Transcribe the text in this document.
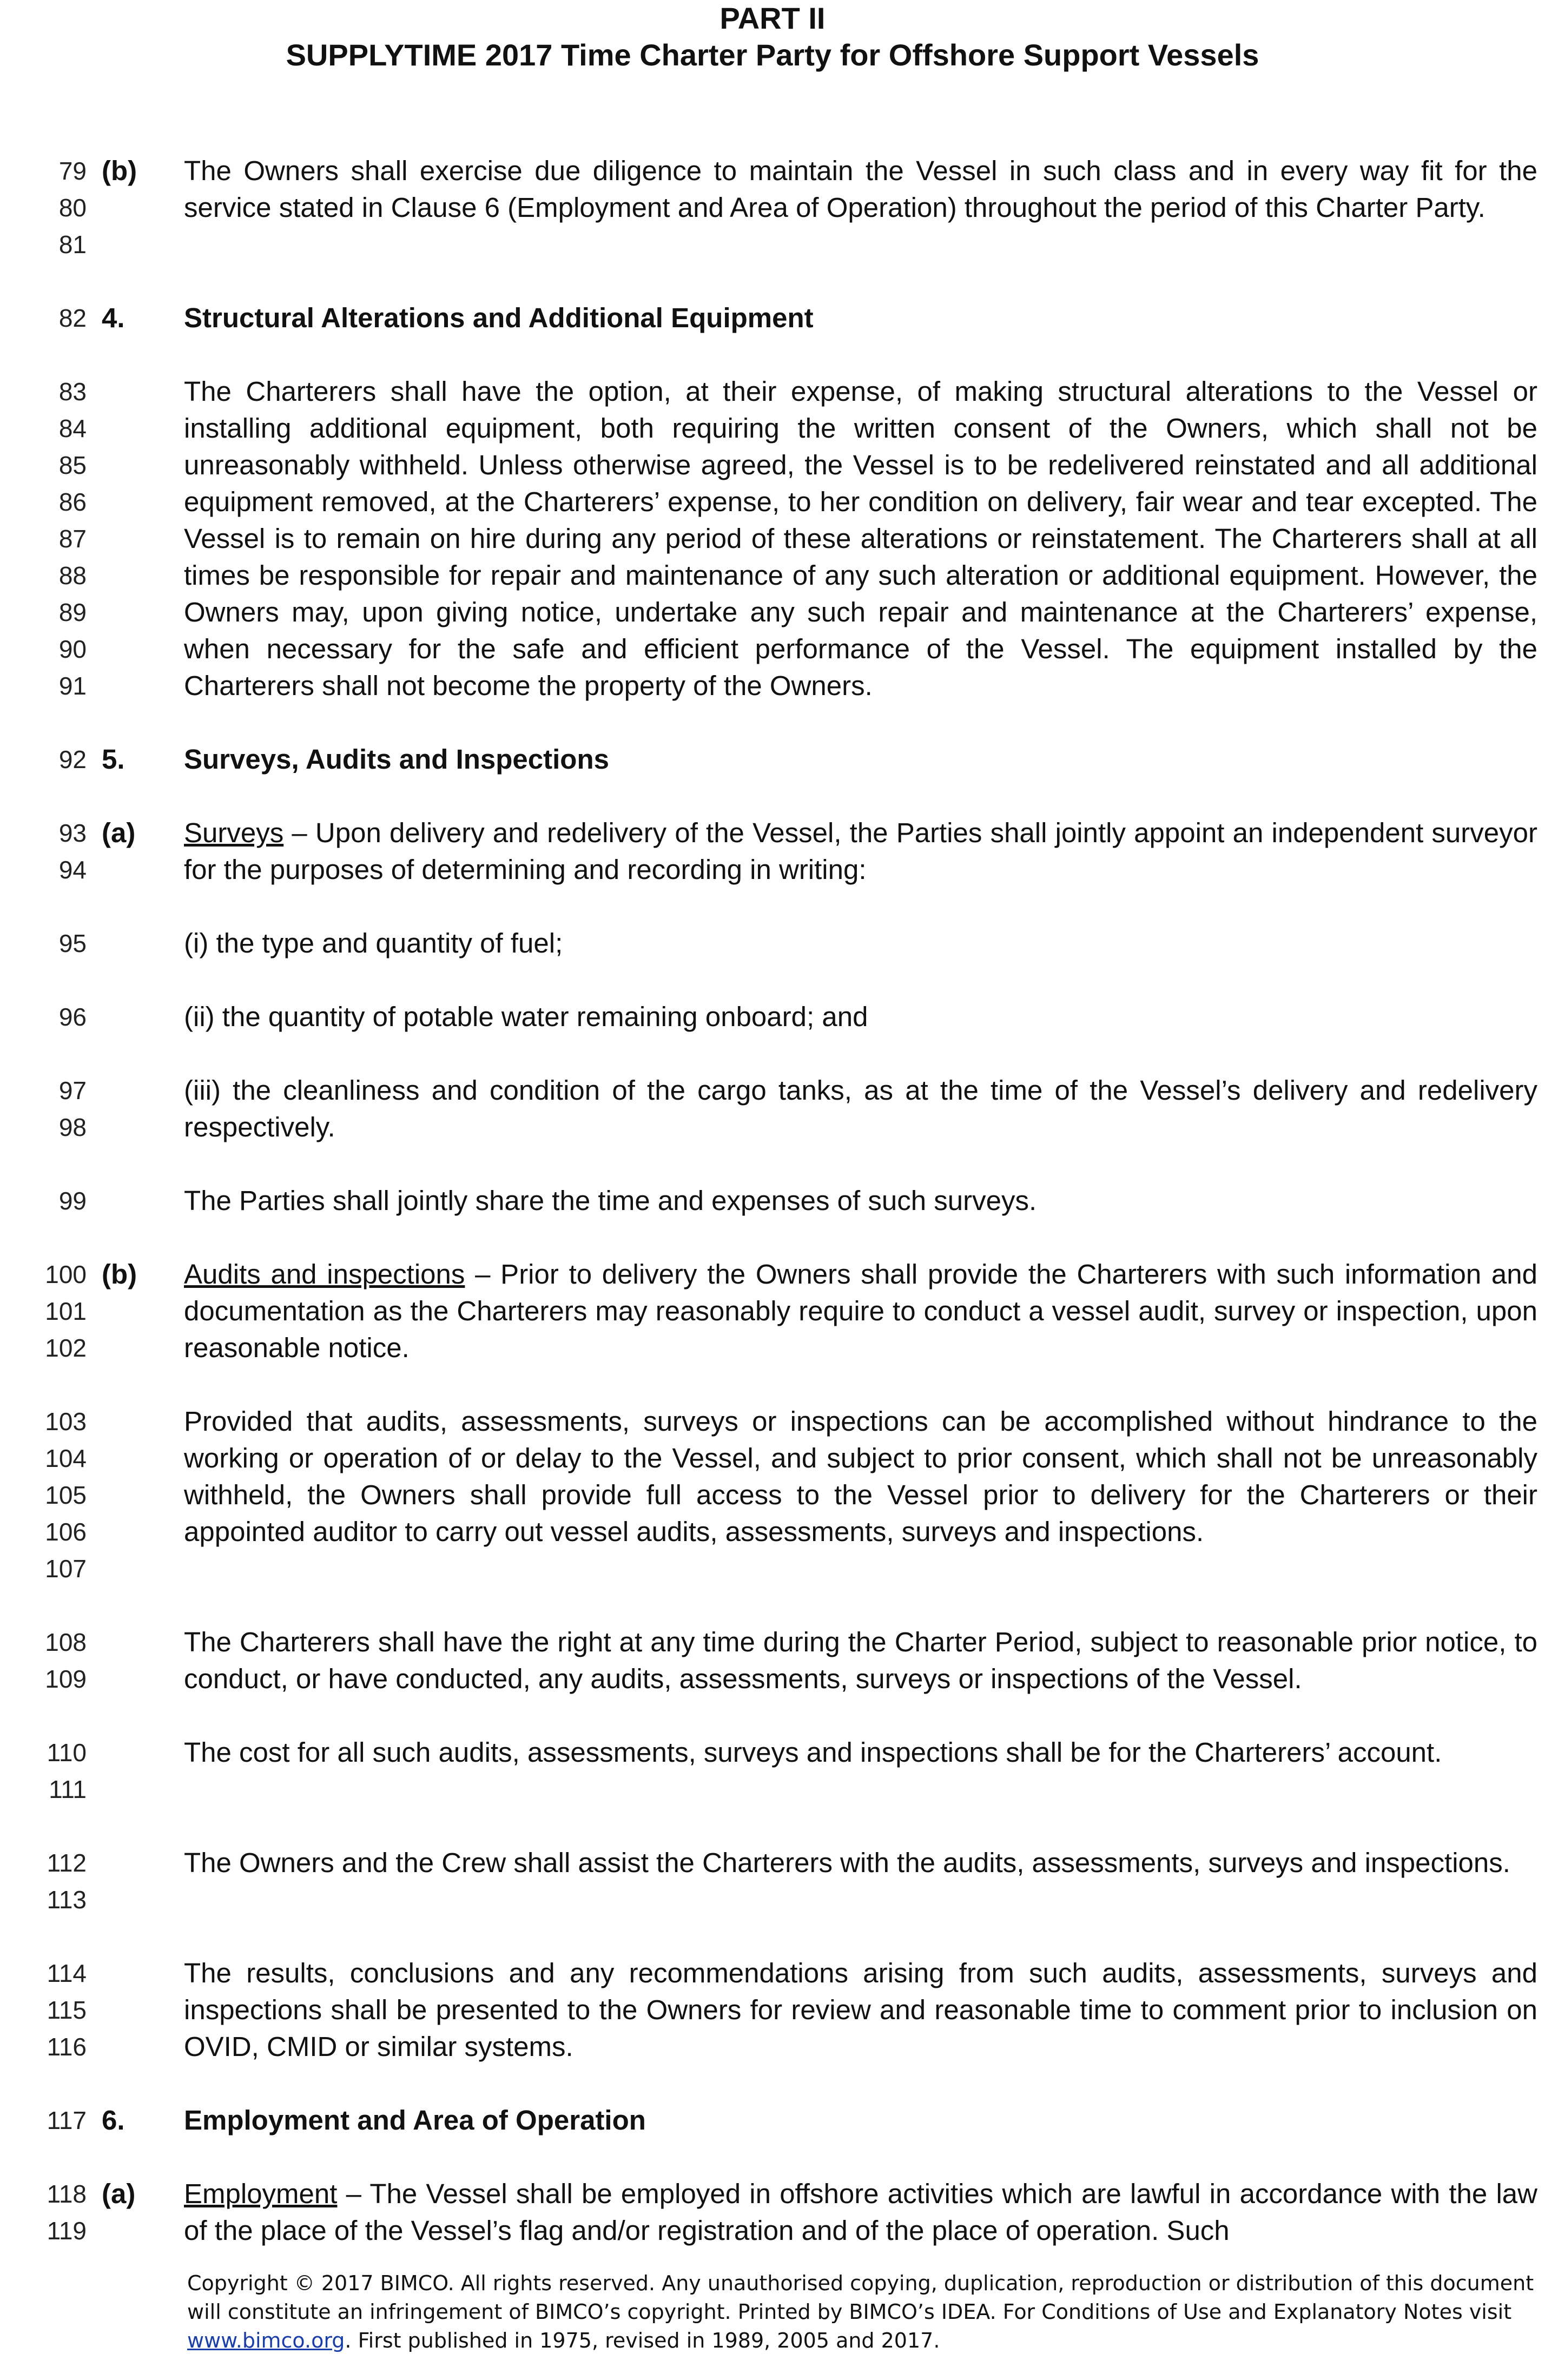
PART II
SUPPLYTIME 2017 Time Charter Party for Offshore Support Vessels
79
80
81
(b)	The Owners shall exercise due diligence to maintain the Vessel in such class and in every way fit for the service stated in Clause 6 (Employment and Area of Operation) throughout the period of this Charter Party.
82 4.	Structural Alterations and Additional Equipment
83
84
85
86
87
88
89
90
91
The Charterers shall have the option, at their expense, of making structural alterations to the Vessel or installing additional equipment, both requiring the written consent of the Owners, which shall not be unreasonably withheld. Unless otherwise agreed, the Vessel is to be redelivered reinstated and all additional equipment removed, at the Charterers’ expense, to her condition on delivery, fair wear and tear excepted. The Vessel is to remain on hire during any period of these alterations or reinstatement. The Charterers shall at all times be responsible for repair and maintenance of any such alteration or additional equipment. However, the Owners may, upon giving notice, undertake any such repair and maintenance at the Charterers’ expense, when necessary for the safe and efficient performance of the Vessel. The equipment installed by the Charterers shall not become the property of the Owners.
92 5.	Surveys, Audits and Inspections
93
94
(a)	Surveys – Upon delivery and redelivery of the Vessel, the Parties shall jointly appoint an independent surveyor for the purposes of determining and recording in writing:
95	(i) the type and quantity of fuel;
96	(ii) the quantity of potable water remaining onboard; and
97
98
(iii) the cleanliness and condition of the cargo tanks, as at the time of the Vessel’s delivery and redelivery respectively.
99	The Parties shall jointly share the time and expenses of such surveys.
100
101
102
(b)	Audits and inspections – Prior to delivery the Owners shall provide the Charterers with such information and documentation as the Charterers may reasonably require to conduct a vessel audit, survey or inspection, upon reasonable notice.
103
104
105
106
107
Provided that audits, assessments, surveys or inspections can be accomplished without hindrance to the working or operation of or delay to the Vessel, and subject to prior consent, which shall not be unreasonably withheld, the Owners shall provide full access to the Vessel prior to delivery for the Charterers or their appointed auditor to carry out vessel audits, assessments, surveys and inspections.
108
109
The Charterers shall have the right at any time during the Charter Period, subject to reasonable prior notice, to conduct, or have conducted, any audits, assessments, surveys or inspections of the Vessel.
110
111
The cost for all such audits, assessments, surveys and inspections shall be for the Charterers’ account.
112
113
The Owners and the Crew shall assist the Charterers with the audits, assessments, surveys and inspections.
114
115
116
The results, conclusions and any recommendations arising from such audits, assessments, surveys and inspections shall be presented to the Owners for review and reasonable time to comment prior to inclusion on OVID, CMID or similar systems.
117 6.	Employment and Area of Operation
118
119
(a)	Employment – The Vessel shall be employed in offshore activities which are lawful in accordance with the law of the place of the Vessel’s flag and/or registration and of the place of operation. Such
Copyright © 2017 BIMCO. All rights reserved. Any unauthorised copying, duplication, reproduction or distribution of this document will constitute an infringement of BIMCO’s copyright. Printed by BIMCO’s IDEA. For Conditions of Use and Explanatory Notes visit www.bimco.org. First published in 1975, revised in 1989, 2005 and 2017.
